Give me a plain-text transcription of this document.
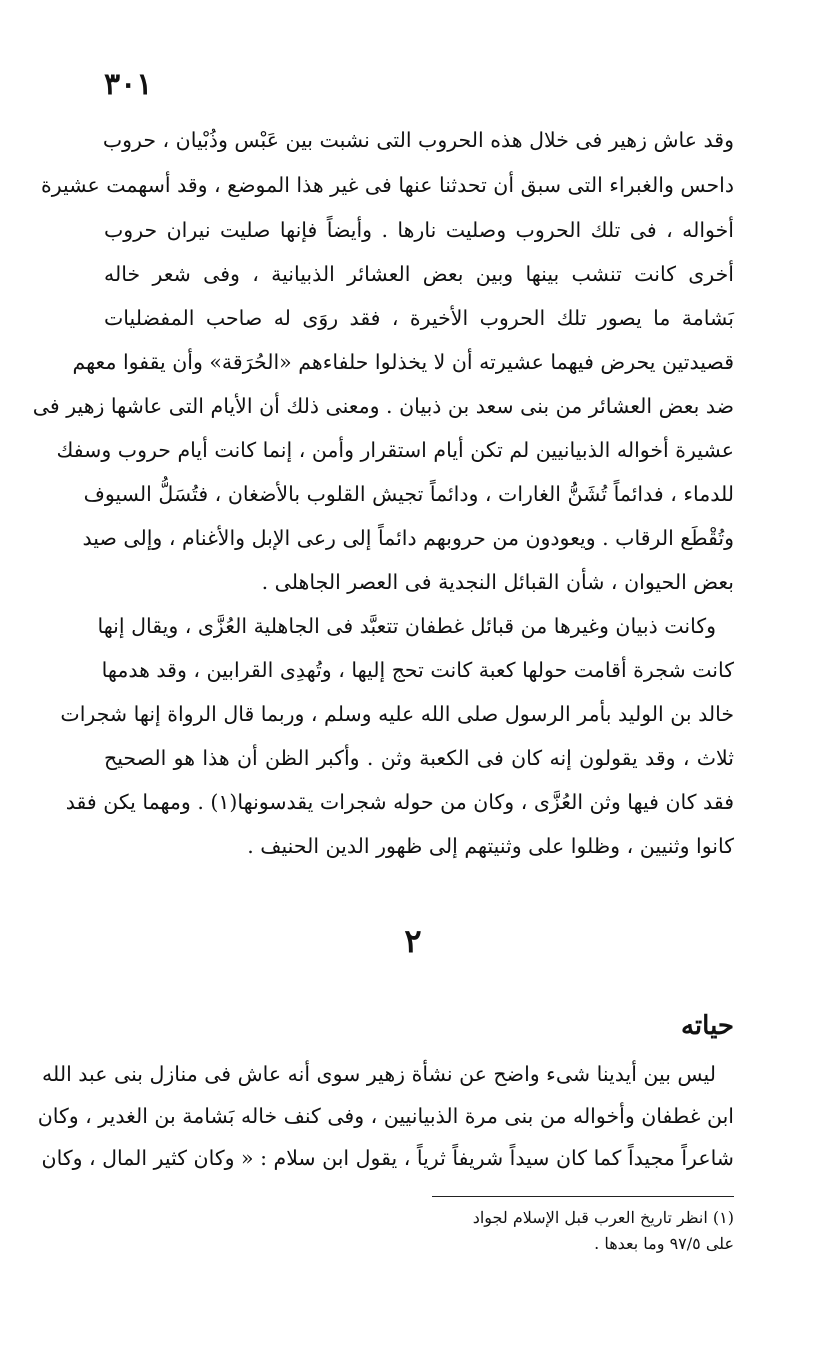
٣٠١
وقد عاش زهير فى خلال هذه الحروب التى نشبت بين عَبْس وذُبْيان ، حروب
داحس والغبراء التى سبق أن تحدثنا عنها فى غير هذا الموضع ، وقد أسهمت عشيرة
أخواله ، فى تلك الحروب وصليت نارها . وأيضاً فإنها صليت نيران حروب
أخرى كانت تنشب بينها وبين بعض العشائر الذبيانية ، وفى شعر خاله
بَشامة ما يصور تلك الحروب الأخيرة ، فقد روَى له صاحب المفضليات
قصيدتين يحرض فيهما عشيرته أن لا يخذلوا حلفاءهم «الحُرَقة» وأن يقفوا معهم
ضد بعض العشائر من بنى سعد بن ذبيان . ومعنى ذلك أن الأيام التى عاشها زهير فى
عشيرة أخواله الذبيانيين لم تكن أيام استقرار وأمن ، إنما كانت أيام حروب وسفك
للدماء ، فدائماً تُشَنُّ الغارات ، ودائماً تجيش القلوب بالأضغان ، فتُسَلُّ السيوف
وتُقْطَع الرقاب . ويعودون من حروبهم دائماً إلى رعى الإبل والأغنام ، وإلى صيد
بعض الحيوان ، شأن القبائل النجدية فى العصر الجاهلى .
وكانت ذبيان وغيرها من قبائل غطفان تتعبَّد فى الجاهلية العُزَّى ، ويقال إنها
كانت شجرة أقامت حولها كعبة كانت تحج إليها ، وتُهدِى القرابين ، وقد هدمها
خالد بن الوليد بأمر الرسول صلى الله عليه وسلم ، وربما قال الرواة إنها شجرات
ثلاث ، وقد يقولون إنه كان فى الكعبة وثن . وأكبر الظن أن هذا هو الصحيح
فقد كان فيها وثن العُزَّى ، وكان من حوله شجرات يقدسونها(١) . ومهما يكن فقد
كانوا وثنيين ، وظلوا على وثنيتهم إلى ظهور الدين الحنيف .
٢
حياته
ليس بين أيدينا شىء واضح عن نشأة زهير سوى أنه عاش فى منازل بنى عبد الله
ابن غطفان وأخواله من بنى مرة الذبيانيين ، وفى كنف خاله بَشامة بن الغدير ، وكان
شاعراً مجيداً كما كان سيداً شريفاً ثرياً ، يقول ابن سلام : « وكان كثير المال ، وكان
(١) انظر تاريخ العرب قبل الإسلام لجواد
على ٩٧/٥ وما بعدها .
